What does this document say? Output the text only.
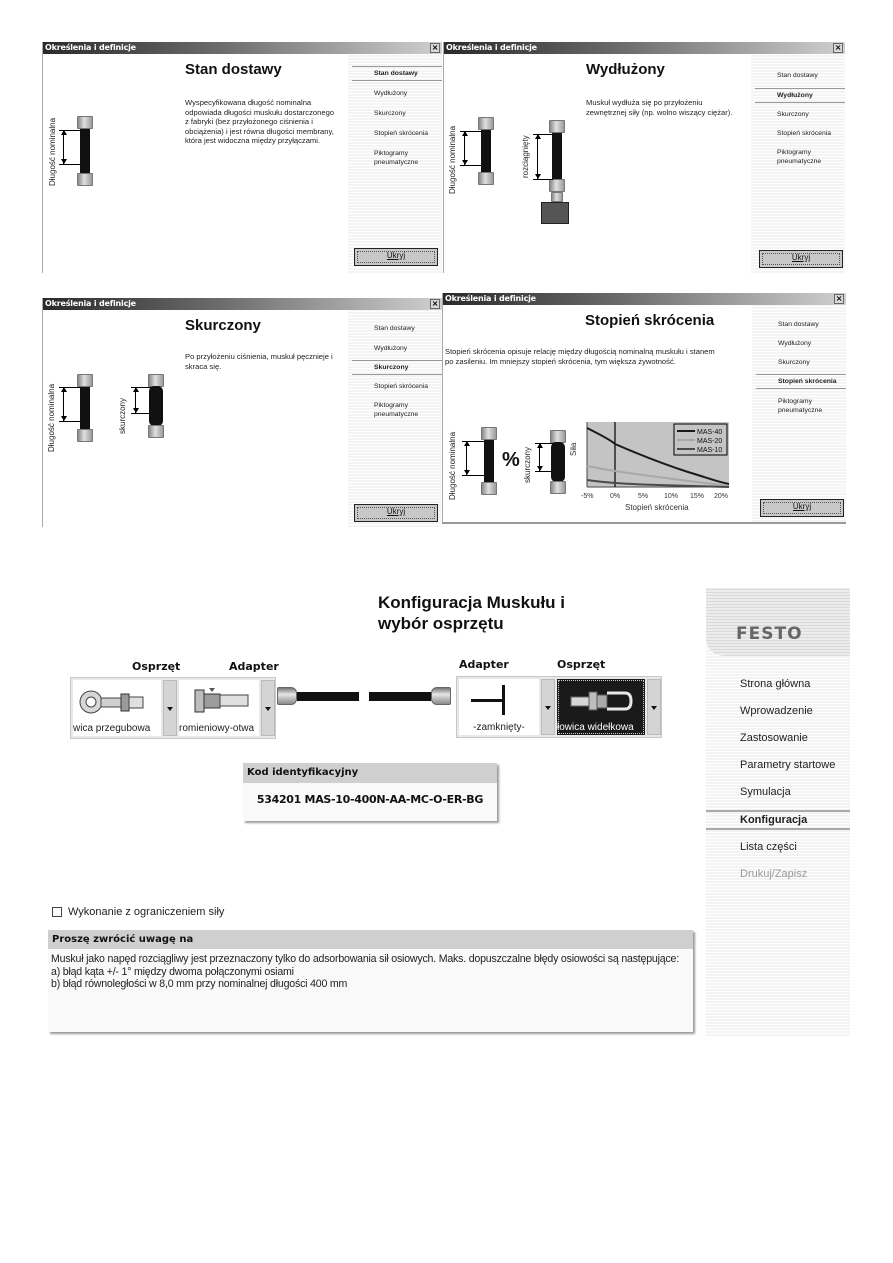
Określenia i definicje	×
Stan dostawy
Wyspecyfikowana długość nominalna odpowiada długości muskułu dostarczonego z fabryki (bez przyłożonego ciśnienia i obciążenia) i jest równa długości membrany, która jest widoczna między przyłączami.
Długość nominalna
Stan dostawy
Wydłużony
Skurczony
Stopień skrócenia
Piktogramy pneumatyczne
Ukryj
Określenia i definicje	×
Wydłużony
Muskuł wydłuża się po przyłożeniu zewnętrznej siły (np. wolno wiszący ciężar).
Długość nominalna	rozciągnięty
Stan dostawy
Wydłużony
Skurczony
Stopień skrócenia
Piktogramy pneumatyczne
Ukryj
Określenia i definicje	×
Skurczony
Po przyłożeniu ciśnienia, muskuł pęcznieje i skraca się.
Długość nominalna	skurczony
Stan dostawy
Wydłużony
Skurczony
Stopień skrócenia
Piktogramy pneumatyczne
Ukryj
Określenia i definicje	×
Stopień skrócenia
Stopień skrócenia opisuje relację między długością nominalną muskułu i stanem po zasileniu. Im mniejszy stopień skrócenia, tym większa żywotność.
Długość nominalna % skurczony	Siła
MAS-40
MAS-20
MAS-10
-5% 0%	5% 10% 15% 20%
Stopień skrócenia
Stan dostawy
Wydłużony
Skurczony
Stopień skrócenia
Piktogramy pneumatyczne
Ukryj
Konfiguracja Muskułu i
wybór osprzętu
Osprzęt	Adapter	Adapter	Osprzęt
wica przegubowa	romieniowy-otwa	-zamknięty-	łowica widełkowa
Kod identyfikacyjny
534201 MAS-10-400N-AA-MC-O-ER-BG
Wykonanie z ograniczeniem siły
Proszę zwrócić uwagę na
Muskuł jako napęd rozciągliwy jest przeznaczony tylko do adsorbowania sił osiowych. Maks. dopuszczalne błędy osiowości są następujące:
a) błąd kąta +/- 1° między dwoma połączonymi osiami
b) błąd równoległości w 8,0 mm przy nominalnej długości 400 mm
FESTO
Strona główna
Wprowadzenie
Zastosowanie
Parametry startowe
Symulacja
Konfiguracja
Lista części
Drukuj/Zapisz
